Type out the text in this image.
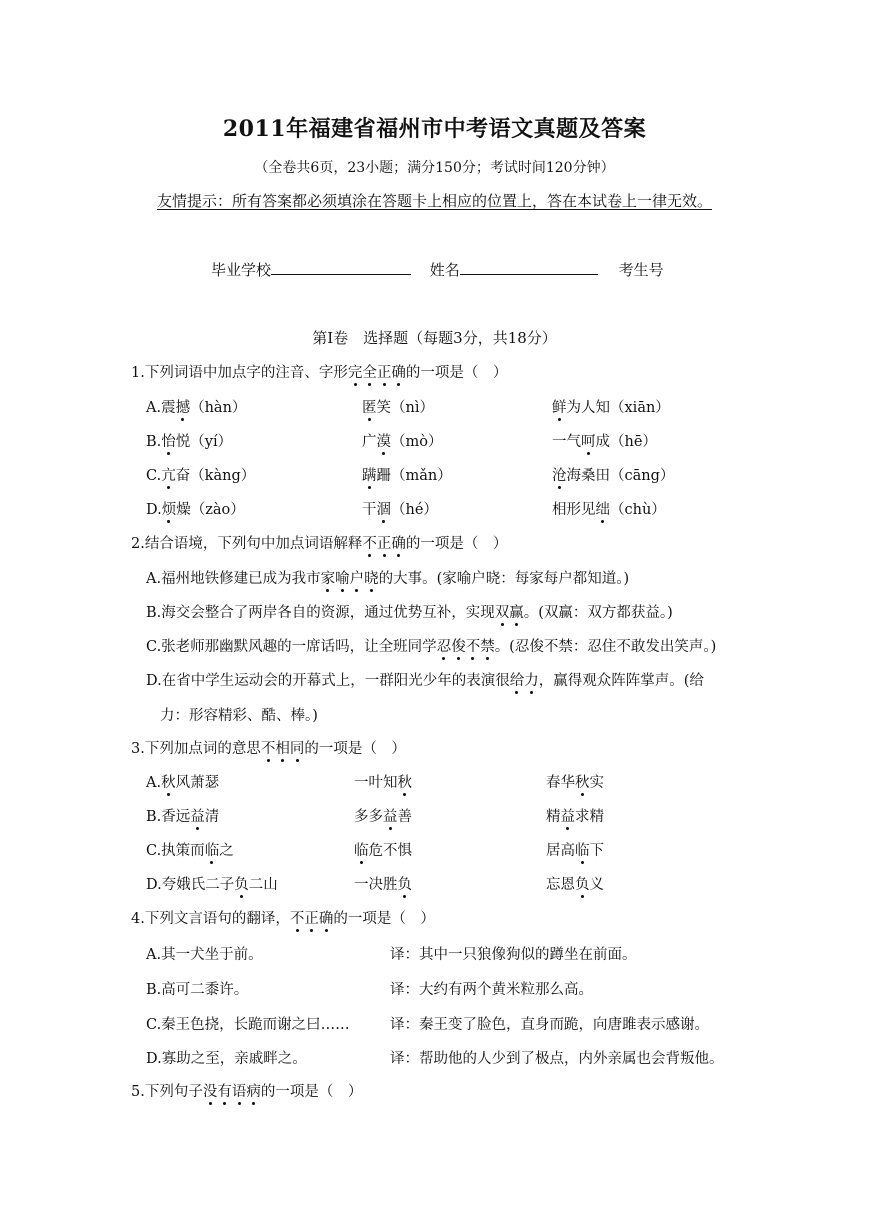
2011年福建省福州市中考语文真题及答案
（全卷共6页，23小题；满分150分；考试时间120分钟）
友情提示：所有答案都必须填涂在答题卡上相应的位置上，答在本试卷上一律无效。
毕业学校	姓名	考生号
第Ⅰ卷　选择题（每题3分，共18分）
1.下列词语中加点字的注音、字形完全正确的一项是（　）
A.震撼（hàn）	匿笑（nì）	鲜为人知（xiān）
B.怡悦（yí）	广漠（mò）	一气呵成（hē）
C.亢奋（kàng）	蹒跚（mǎn）	沧海桑田（cāng）
D.烦燥（zào）	干涸（hé）	相形见绌（chù）
2.结合语境，下列句中加点词语解释不正确的一项是（　）
A.福州地铁修建已成为我市家喻户晓的大事。(家喻户晓：每家每户都知道。)
B.海交会整合了两岸各自的资源，通过优势互补，实现双赢。(双赢：双方都获益。)
C.张老师那幽默风趣的一席话吗，让全班同学忍俊不禁。(忍俊不禁：忍住不敢发出笑声。)
D.在省中学生运动会的开幕式上，一群阳光少年的表演很给力，赢得观众阵阵掌声。(给
力：形容精彩、酷、棒。)
3.下列加点词的意思不相同的一项是（　）
A.秋风萧瑟	一叶知秋	春华秋实
B.香远益清	多多益善	精益求精
C.执策而临之	临危不惧	居高临下
D.夸娥氏二子负二山	一决胜负	忘恩负义
4.下列文言语句的翻译，不正确的一项是（　）
A.其一犬坐于前。	译：其中一只狼像狗似的蹲坐在前面。
B.高可二黍许。	译：大约有两个黄米粒那么高。
C.秦王色挠，长跪而谢之曰……	译：秦王变了脸色，直身而跪，向唐雎表示感谢。
D.寡助之至，亲戚畔之。	译：帮助他的人少到了极点，内外亲属也会背叛他。
5.下列句子没有语病的一项是（　）
